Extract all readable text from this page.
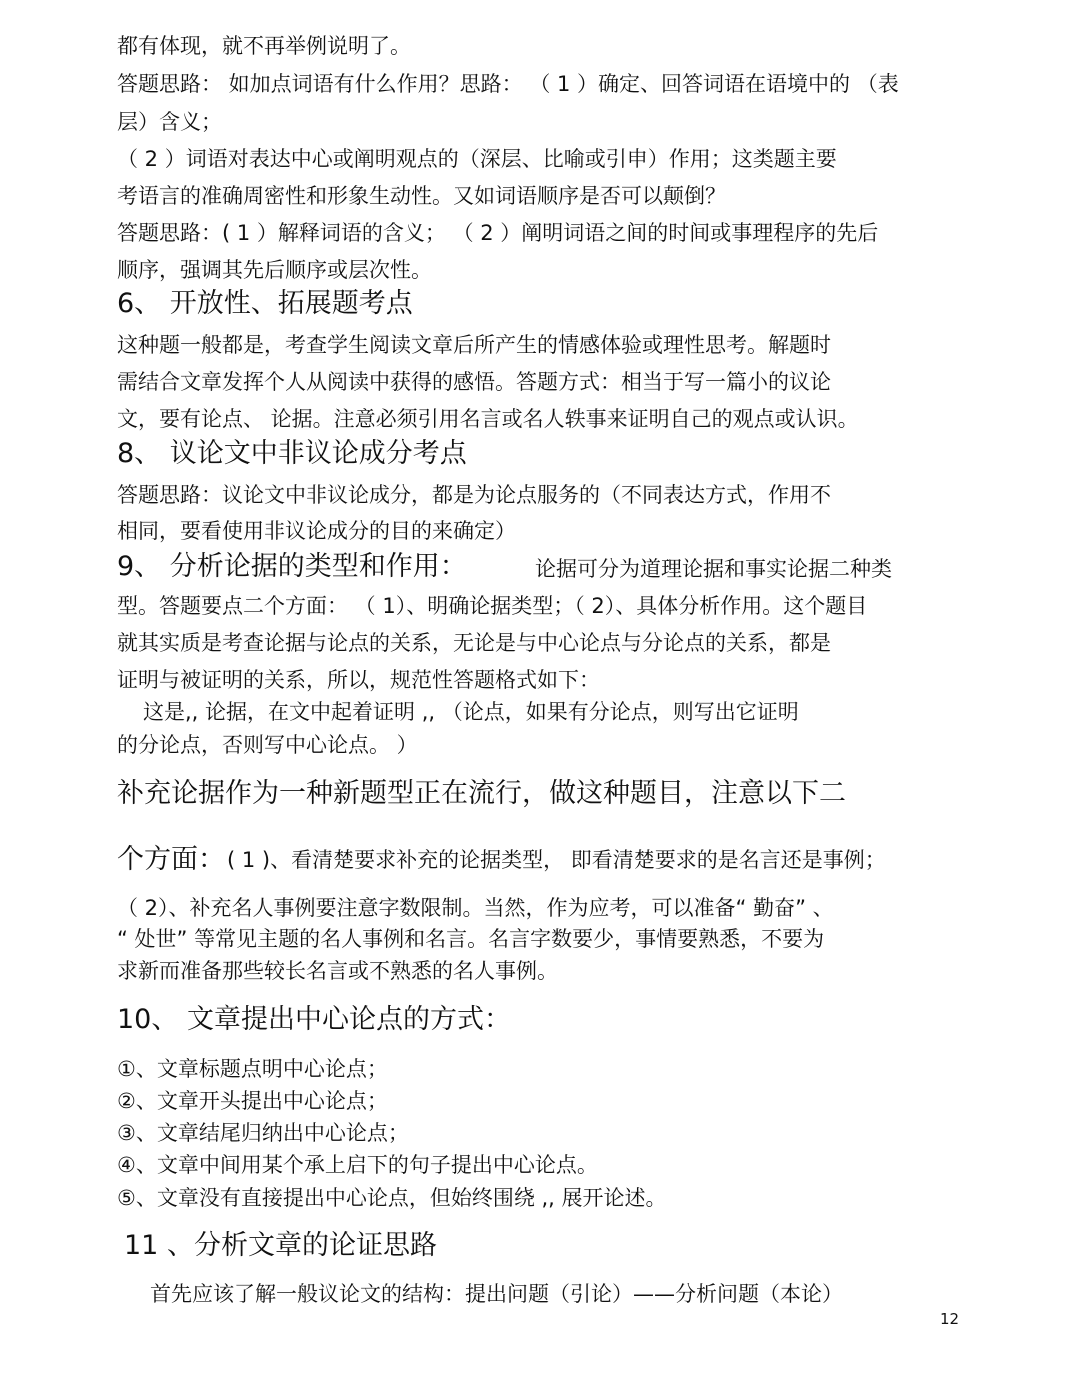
都有体现，就不再举例说明了。
答题思路： 如加点词语有什么作用？思路： （ 1 ）确定、回答词语在语境中的 （表
层）含义；
（ 2 ）词语对表达中心或阐明观点的（深层、比喻或引申）作用；这类题主要
考语言的准确周密性和形象生动性。又如词语顺序是否可以颠倒？
答题思路：( 1 ）解释词语的含义； （ 2 ）阐明词语之间的时间或事理程序的先后
顺序，强调其先后顺序或层次性。
6、 开放性、拓展题考点
这种题一般都是，考查学生阅读文章后所产生的情感体验或理性思考。解题时
需结合文章发挥个人从阅读中获得的感悟。答题方式：相当于写一篇小的议论
文，要有论点、 论据。注意必须引用名言或名人轶事来证明自己的观点或认识。
8、 议论文中非议论成分考点
答题思路：议论文中非议论成分，都是为论点服务的（不同表达方式，作用不
相同，要看使用非议论成分的目的来确定）
9、 分析论据的类型和作用：	论据可分为道理论据和事实论据二种类
型。答题要点二个方面： （ 1）、明确论据类型；（ 2）、具体分析作用。这个题目
就其实质是考查论据与论点的关系，无论是与中心论点与分论点的关系，都是
证明与被证明的关系，所以，规范性答题格式如下：
这是,, 论据，在文中起着证明 ,, （论点，如果有分论点，则写出它证明
的分论点，否则写中心论点。 ）
补充论据作为一种新题型正在流行，做这种题目，注意以下二
个方面： ( 1 )、看清楚要求补充的论据类型， 即看清楚要求的是名言还是事例；
（ 2）、补充名人事例要注意字数限制。当然，作为应考，可以准备“ 勤奋” 、
“ 处世” 等常见主题的名人事例和名言。名言字数要少，事情要熟悉，不要为
求新而准备那些较长名言或不熟悉的名人事例。
10、 文章提出中心论点的方式：
①、文章标题点明中心论点；
②、文章开头提出中心论点；
③、文章结尾归纳出中心论点；
④、文章中间用某个承上启下的句子提出中心论点。
⑤、文章没有直接提出中心论点，但始终围绕 ,, 展开论述。
11 、分析文章的论证思路
首先应该了解一般议论文的结构：提出问题（引论）——分析问题（本论）
12
